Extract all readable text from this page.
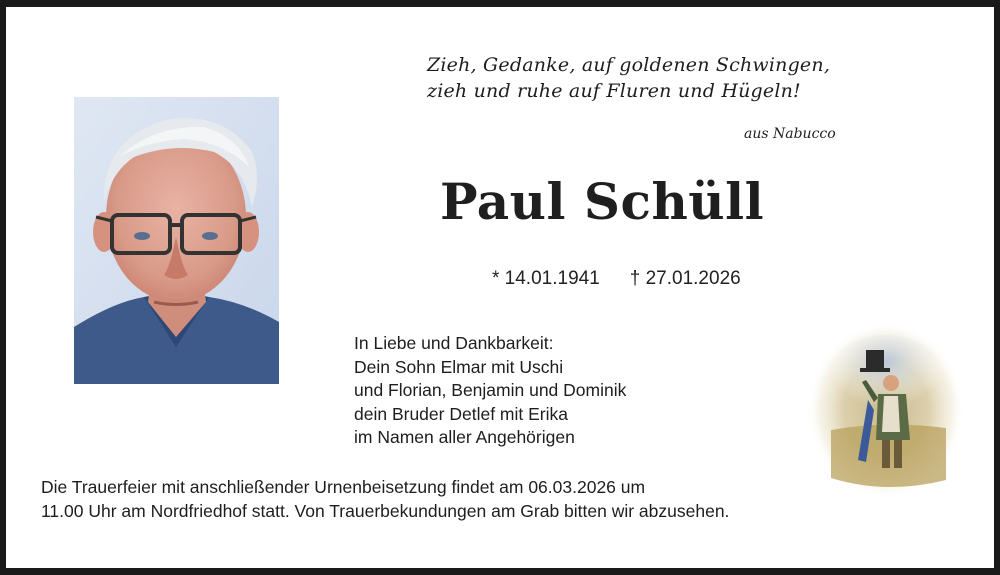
Zieh, Gedanke, auf goldenen Schwingen,
zieh und ruhe auf Fluren und Hügeln!
aus Nabucco
Paul Schüll
* 14.01.1941 † 27.01.2026
In Liebe und Dankbarkeit:
Dein Sohn Elmar mit Uschi
und Florian, Benjamin und Dominik
dein Bruder Detlef mit Erika
im Namen aller Angehörigen
Die Trauerfeier mit anschließender Urnenbeisetzung findet am 06.03.2026 um
11.00 Uhr am Nordfriedhof statt. Von Trauerbekundungen am Grab bitten wir abzusehen.
